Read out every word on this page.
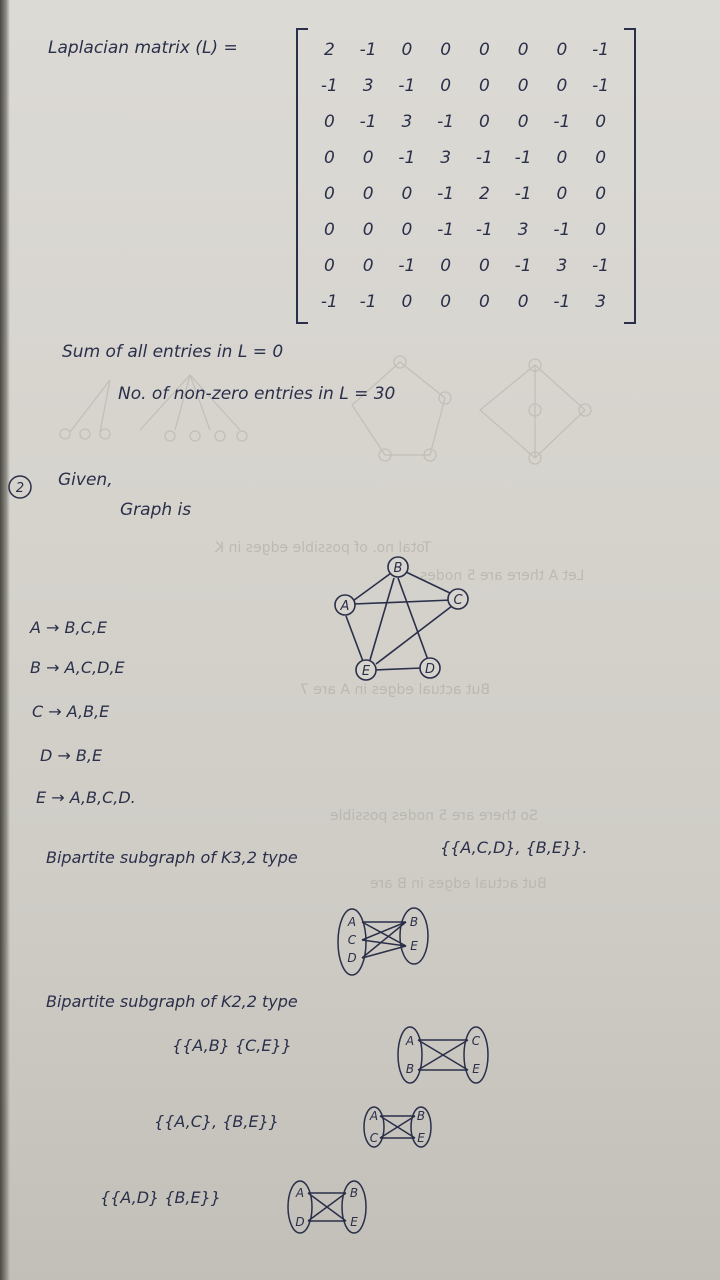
Let A there are 5 nodes
Total no. of possible edges in K
But actual edges in A are 7
So there are 5 nodes possible
But actual edges in B are
Laplacian matrix (L) =	2	-1	0	0	0	0	0	-1
-1	3	-1	0	0	0	0	-1
0	-1	3	-1	0	0	-1	0
0	0	-1	3	-1	-1	0	0
0	0	0	-1	2	-1	0	0
0	0	0	-1	-1	3	-1	0
0	0	-1	0	0	-1	3	-1
-1	-1	0	0	0	0	-1	3
Sum of all entries in L = 0
No. of non-zero entries in L = 30
2 Given,
Graph is
A → B,C,E
B → A,C,D,E
C → A,B,E
D → B,E
E → A,B,C,D.
A
B
C
D
E
Bipartite subgraph of K3,2 type
{{A,C,D}, {B,E}}.
A
C
D
B
E
Bipartite subgraph of K2,2 type
{{A,B} {C,E}}
{{A,C}, {B,E}}
{{A,D} {B,E}}
A
B
C
E
A
C
B
E
A
D
B
E
